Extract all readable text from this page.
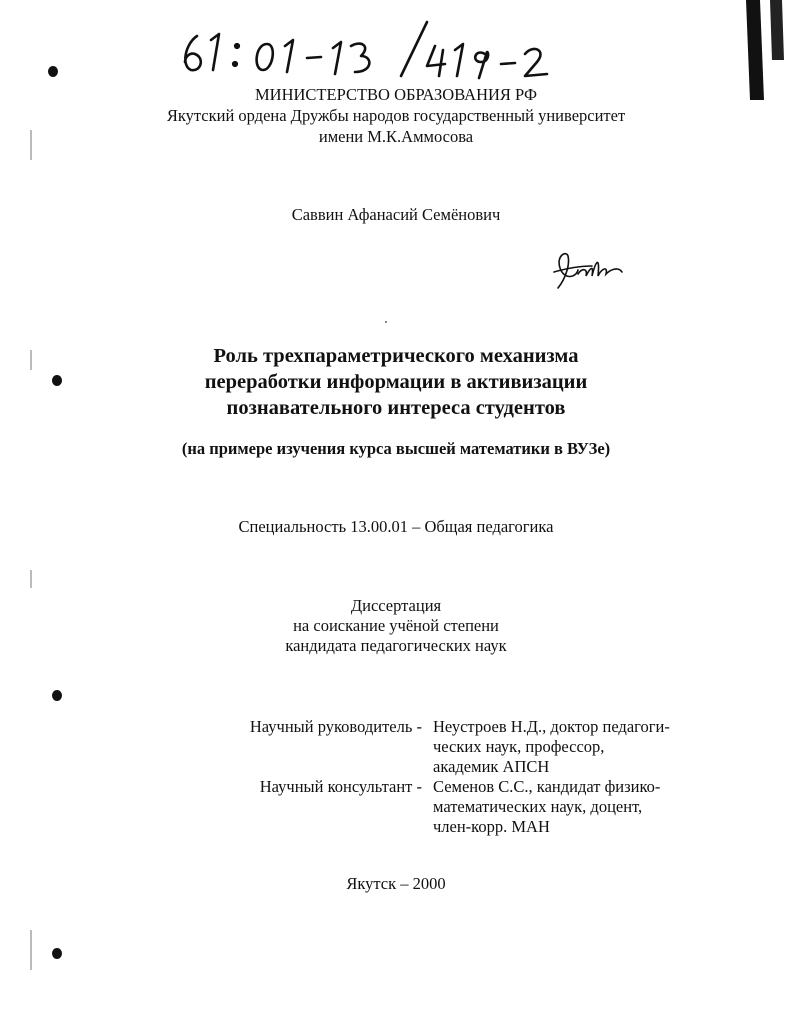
МИНИСТЕРСТВО ОБРАЗОВАНИЯ РФ
Якутский ордена Дружбы народов государственный университет
имени М.К.Аммосова
Саввин Афанасий Семёнович
Роль трехпараметрического механизма
переработки информации в активизации
познавательного интереса студентов
(на примере изучения курса высшей математики в ВУЗе)
Специальность 13.00.01 – Общая педагогика
Диссертация
на соискание учёной степени
кандидата педагогических наук
Научный руководитель - Неустроев Н.Д., доктор педагоги-
ческих наук, профессор,
академик АПСН
Научный консультант - Семенов С.С., кандидат физико-
математических наук, доцент,
член-корр. МАН
Якутск – 2000
